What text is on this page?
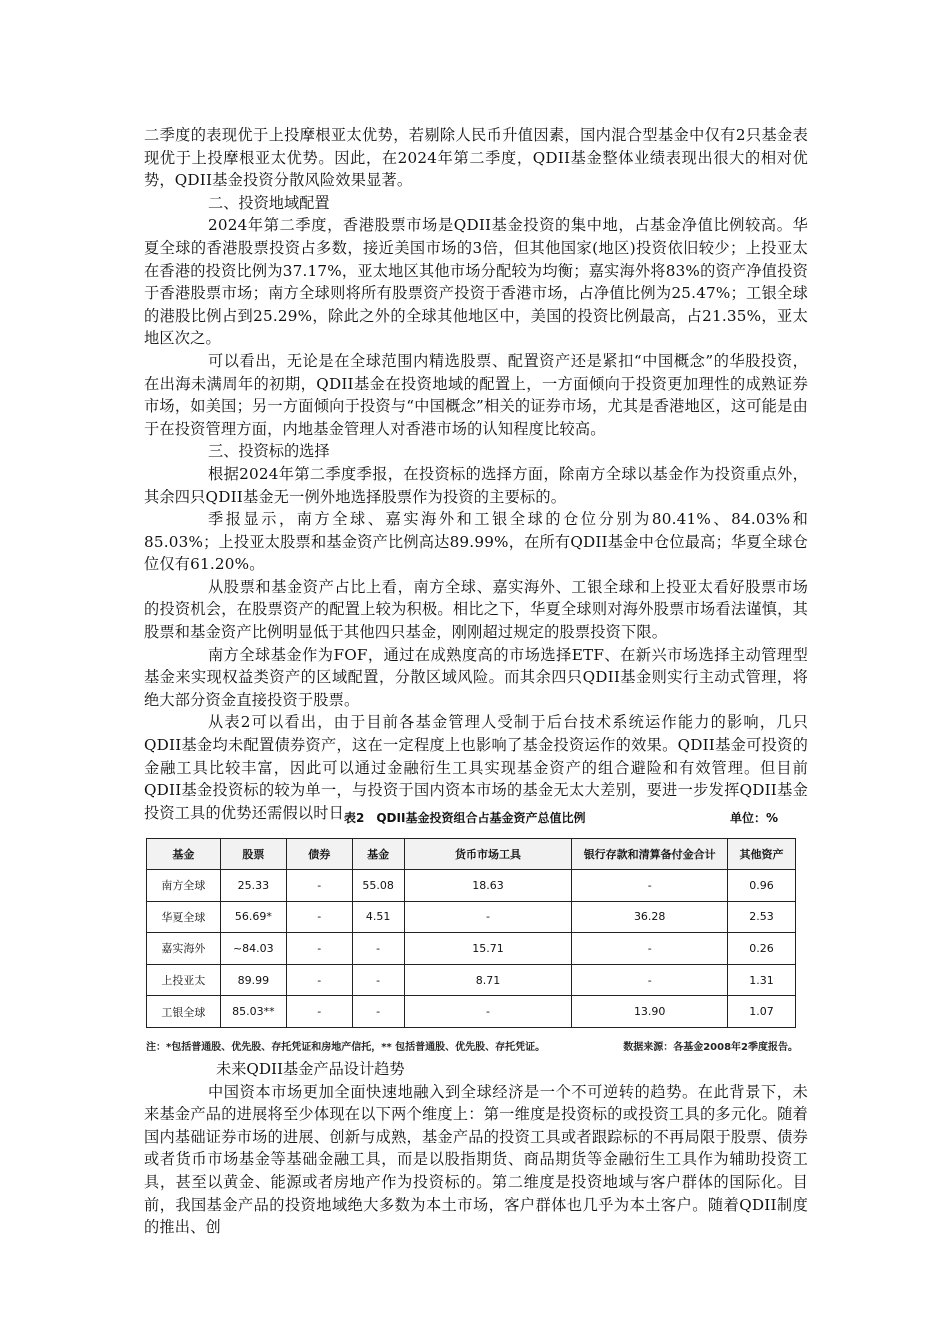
二季度的表现优于上投摩根亚太优势，若剔除人民币升值因素，国内混合型基金中仅有2只基金表现优于上投摩根亚太优势。因此，在2024年第二季度，QDII基金整体业绩表现出很大的相对优势，QDII基金投资分散风险效果显著。

二、投资地域配置

2024年第二季度，香港股票市场是QDII基金投资的集中地，占基金净值比例较高。华夏全球的香港股票投资占多数，接近美国市场的3倍，但其他国家(地区)投资依旧较少；上投亚太在香港的投资比例为37.17%，亚太地区其他市场分配较为均衡；嘉实海外将83%的资产净值投资于香港股票市场；南方全球则将所有股票资产投资于香港市场，占净值比例为25.47%；工银全球的港股比例占到25.29%，除此之外的全球其他地区中，美国的投资比例最高，占21.35%，亚太地区次之。

可以看出，无论是在全球范围内精选股票、配置资产还是紧扣“中国概念”的华股投资，在出海未满周年的初期，QDII基金在投资地域的配置上，一方面倾向于投资更加理性的成熟证券市场，如美国；另一方面倾向于投资与“中国概念”相关的证券市场，尤其是香港地区，这可能是由于在投资管理方面，内地基金管理人对香港市场的认知程度比较高。

三、投资标的选择

根据2024年第二季度季报，在投资标的选择方面，除南方全球以基金作为投资重点外，其余四只QDII基金无一例外地选择股票作为投资的主要标的。

季报显示，南方全球、嘉实海外和工银全球的仓位分别为80.41%、84.03%和85.03%；上投亚太股票和基金资产比例高达89.99%，在所有QDII基金中仓位最高；华夏全球仓位仅有61.20%。

从股票和基金资产占比上看，南方全球、嘉实海外、工银全球和上投亚太看好股票市场的投资机会，在股票资产的配置上较为积极。相比之下，华夏全球则对海外股票市场看法谨慎，其股票和基金资产比例明显低于其他四只基金，刚刚超过规定的股票投资下限。

南方全球基金作为FOF，通过在成熟度高的市场选择ETF、在新兴市场选择主动管理型基金来实现权益类资产的区域配置，分散区域风险。而其余四只QDII基金则实行主动式管理，将绝大部分资金直接投资于股票。

从表2可以看出，由于目前各基金管理人受制于后台技术系统运作能力的影响，几只QDII基金均未配置债券资产，这在一定程度上也影响了基金投资运作的效果。QDII基金可投资的金融工具比较丰富，因此可以通过金融衍生工具实现基金资产的组合避险和有效管理。但目前QDII基金投资标的较为单一，与投资于国内资本市场的基金无太大差别，要进一步发挥QDII基金投资工具的优势还需假以时日。

表2　QDII基金投资组合占基金资产总值比例	单位：%
基金	股票	债券	基金	货币市场工具	银行存款和清算备付金合计	其他资产
南方全球	25.33	-	55.08	18.63	-	0.96
华夏全球	56.69*	-	4.51	-	36.28	2.53
嘉实海外	~84.03	-	-	15.71	-	0.26
上投亚太	89.99	-	-	8.71	-	1.31
工银全球	85.03**	-	-	-	13.90	1.07
注：*包括普通股、优先股、存托凭证和房地产信托，** 包括普通股、优先股、存托凭证。	数据来源：各基金2008年2季度报告。

未来QDII基金产品设计趋势

中国资本市场更加全面快速地融入到全球经济是一个不可逆转的趋势。在此背景下，未来基金产品的进展将至少体现在以下两个维度上：第一维度是投资标的或投资工具的多元化。随着国内基础证券市场的进展、创新与成熟，基金产品的投资工具或者跟踪标的不再局限于股票、债券或者货币市场基金等基础金融工具，而是以股指期货、商品期货等金融衍生工具作为辅助投资工具，甚至以黄金、能源或者房地产作为投资标的。第二维度是投资地域与客户群体的国际化。目前，我国基金产品的投资地域绝大多数为本土市场，客户群体也几乎为本土客户。随着QDII制度的推出、创
